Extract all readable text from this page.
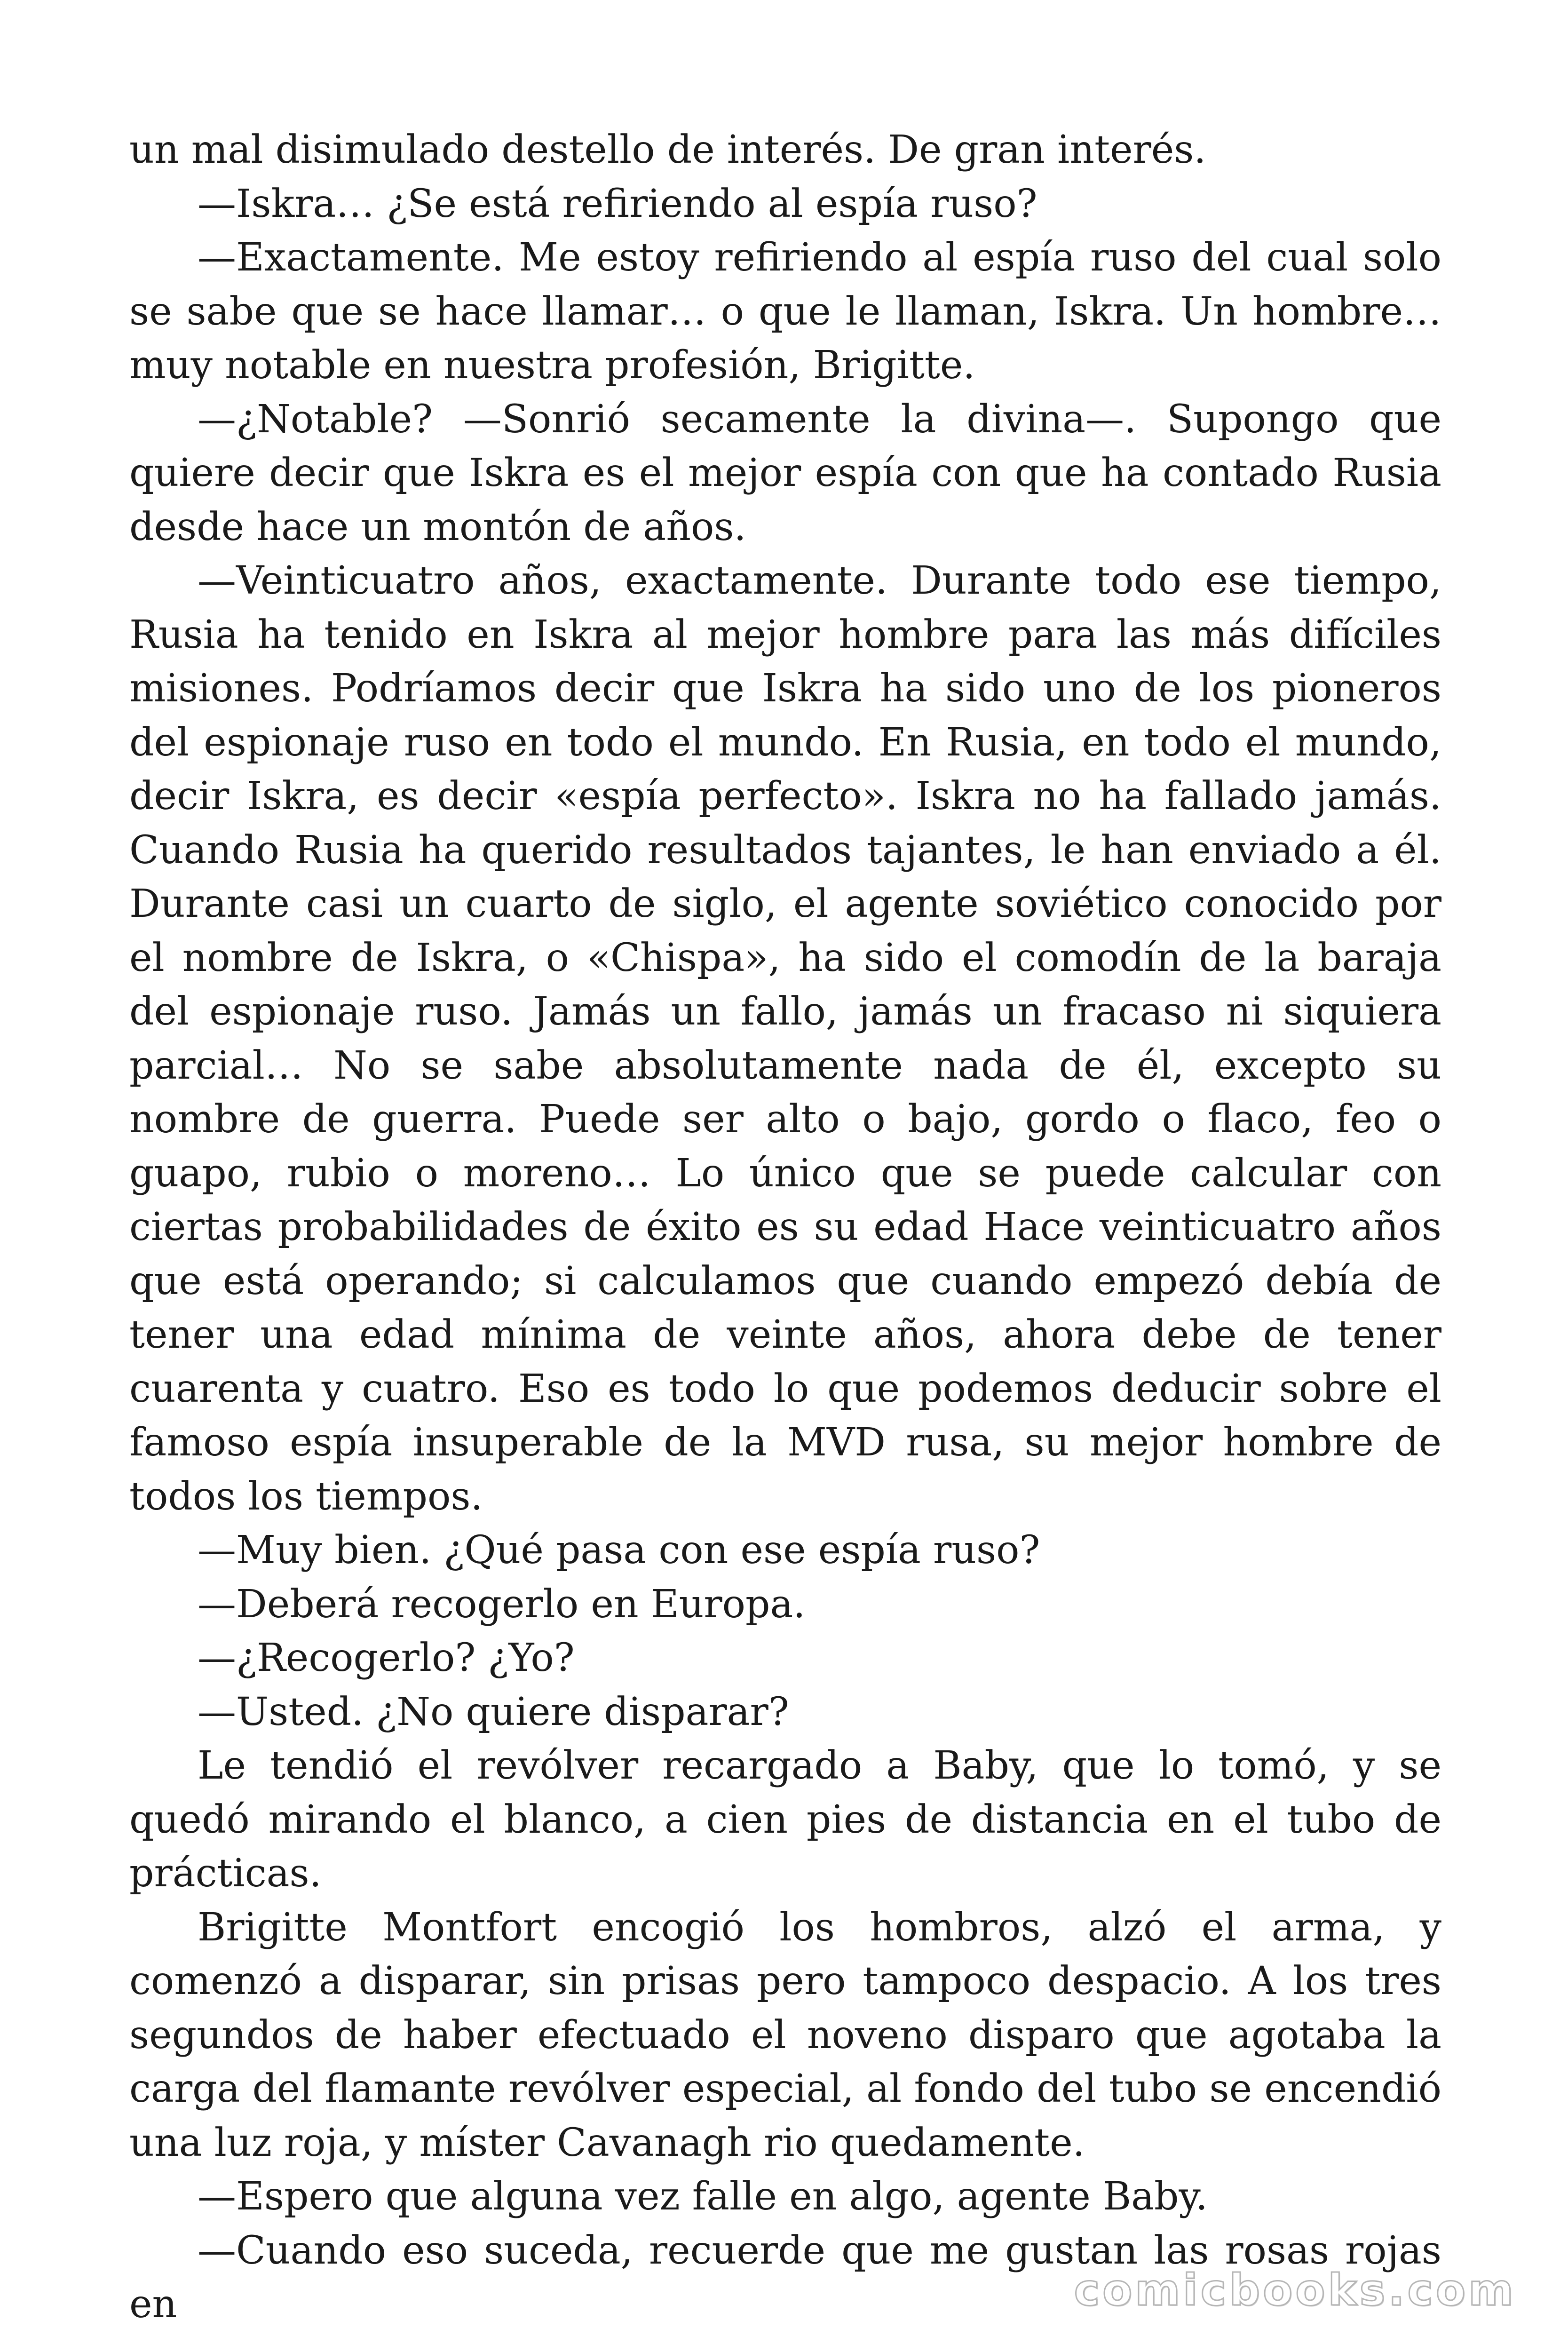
un mal disimulado destello de interés. De gran interés.

—Iskra… ¿Se está refiriendo al espía ruso?

—Exactamente. Me estoy refiriendo al espía ruso del cual solo se sabe que se hace llamar… o que le llaman, Iskra. Un hombre… muy notable en nuestra profesión, Brigitte.

—¿Notable? —Sonrió secamente la divina—. Supongo que quiere decir que Iskra es el mejor espía con que ha contado Rusia desde hace un montón de años.

—Veinticuatro años, exactamente. Durante todo ese tiempo, Rusia ha tenido en Iskra al mejor hombre para las más difíciles misiones. Podríamos decir que Iskra ha sido uno de los pioneros del espionaje ruso en todo el mundo. En Rusia, en todo el mundo, decir Iskra, es decir «espía perfecto». Iskra no ha fallado jamás. Cuando Rusia ha querido resultados tajantes, le han enviado a él. Durante casi un cuarto de siglo, el agente soviético conocido por el nombre de Iskra, o «Chispa», ha sido el comodín de la baraja del espionaje ruso. Jamás un fallo, jamás un fracaso ni siquiera parcial… No se sabe absolutamente nada de él, excepto su nombre de guerra. Puede ser alto o bajo, gordo o flaco, feo o guapo, rubio o moreno… Lo único que se puede calcular con ciertas probabilidades de éxito es su edad Hace veinticuatro años que está operando; si calculamos que cuando empezó debía de tener una edad mínima de veinte años, ahora debe de tener cuarenta y cuatro. Eso es todo lo que podemos deducir sobre el famoso espía insuperable de la MVD rusa, su mejor hombre de todos los tiempos.

—Muy bien. ¿Qué pasa con ese espía ruso?

—Deberá recogerlo en Europa.

—¿Recogerlo? ¿Yo?

—Usted. ¿No quiere disparar?

Le tendió el revólver recargado a Baby, que lo tomó, y se quedó mirando el blanco, a cien pies de distancia en el tubo de prácticas.

Brigitte Montfort encogió los hombros, alzó el arma, y comenzó a disparar, sin prisas pero tampoco despacio. A los tres segundos de haber efectuado el noveno disparo que agotaba la carga del flamante revólver especial, al fondo del tubo se encendió una luz roja, y míster Cavanagh rio quedamente.

—Espero que alguna vez falle en algo, agente Baby.

—Cuando eso suceda, recuerde que me gustan las rosas rojas en	comicbooks.com
